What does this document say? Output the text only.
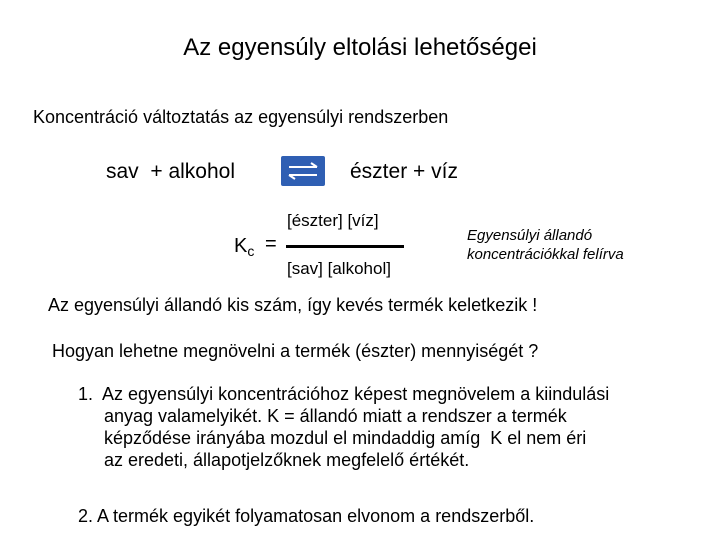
Az egyensúly eltolási lehetőségei
Koncentráció változtatás az egyensúlyi rendszerben
sav  + alkohol	észter + víz
$K_c$ =
[észter] [víz]
[sav] [alkohol]
Egyensúlyi állandó
koncentrációkkal felírva
Az egyensúlyi állandó kis szám, így kevés termék keletkezik !
Hogyan lehetne megnövelni a termék (észter) mennyiségét ?
1.  Az egyensúlyi koncentrációhoz képest megnövelem a kiindulási
anyag valamelyikét. K = állandó miatt a rendszer a termék
képződése irányába mozdul el mindaddig amíg  K el nem éri
az eredeti, állapotjelzőknek megfelelő értékét.
2. A termék egyikét folyamatosan elvonom a rendszerből.
